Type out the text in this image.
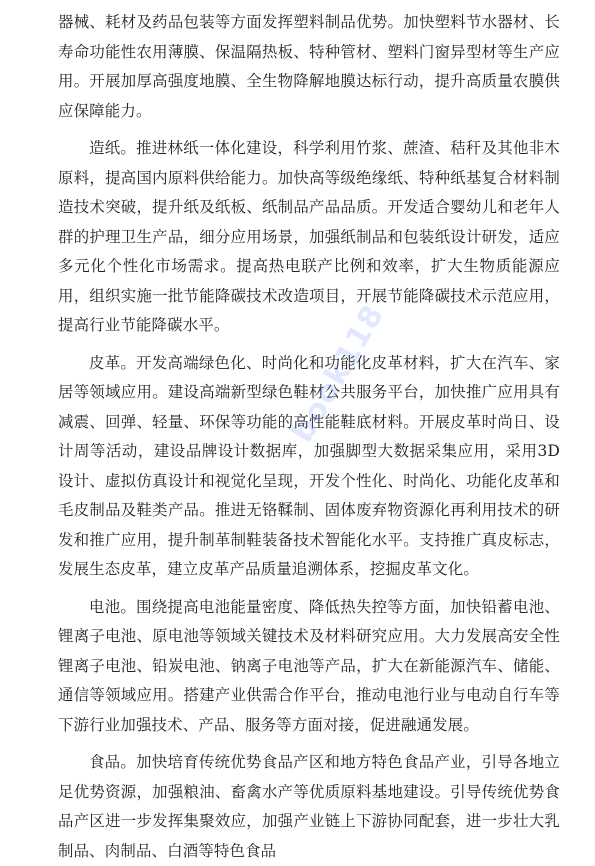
器械、耗材及药品包装等方面发挥塑料制品优势。加快塑料节水器材、长寿命功能性农用薄膜、保温隔热板、特种管材、塑料门窗异型材等生产应用。开展加厚高强度地膜、全生物降解地膜达标行动，提升高质量农膜供应保障能力。

造纸。推进林纸一体化建设，科学利用竹浆、蔗渣、秸秆及其他非木原料，提高国内原料供给能力。加快高等级绝缘纸、特种纸基复合材料制造技术突破，提升纸及纸板、纸制品产品品质。开发适合婴幼儿和老年人群的护理卫生产品，细分应用场景，加强纸制品和包装纸设计研发，适应多元化个性化市场需求。提高热电联产比例和效率，扩大生物质能源应用，组织实施一批节能降碳技术改造项目，开展节能降碳技术示范应用，提高行业节能降碳水平。

皮革。开发高端绿色化、时尚化和功能化皮革材料，扩大在汽车、家居等领域应用。建设高端新型绿色鞋材公共服务平台，加快推广应用具有减震、回弹、轻量、环保等功能的高性能鞋底材料。开展皮革时尚日、设计周等活动，建设品牌设计数据库，加强脚型大数据采集应用，采用3D设计、虚拟仿真设计和视觉化呈现，开发个性化、时尚化、功能化皮革和毛皮制品及鞋类产品。推进无铬鞣制、固体废弃物资源化再利用技术的研发和推广应用，提升制革制鞋装备技术智能化水平。支持推广真皮标志，发展生态皮革，建立皮革产品质量追溯体系，挖掘皮革文化。

电池。围绕提高电池能量密度、降低热失控等方面，加快铅蓄电池、锂离子电池、原电池等领域关键技术及材料研究应用。大力发展高安全性锂离子电池、铅炭电池、钠离子电池等产品，扩大在新能源汽车、储能、通信等领域应用。搭建产业供需合作平台，推动电池行业与电动自行车等下游行业加强技术、产品、服务等方面对接，促进融通发展。

食品。加快培育传统优势食品产区和地方特色食品产业，引导各地立足优势资源，加强粮油、畜禽水产等优质原料基地建设。引导传统优势食品产区进一步发挥集聚效应，加强产业链上下游协同配套，进一步壮大乳制品、肉制品、白酒等特色食品

book118
